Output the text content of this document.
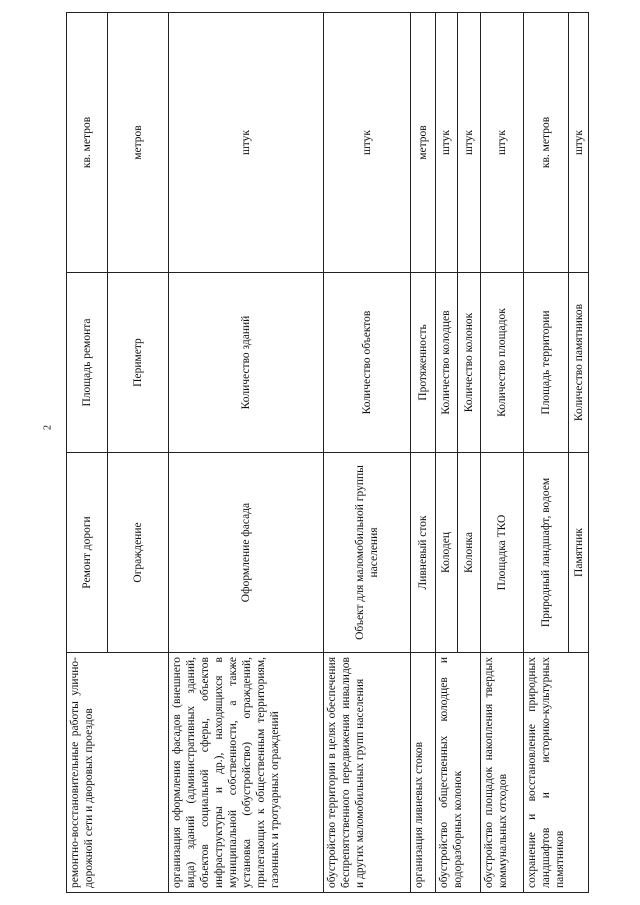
2
ремонтно-восстановительные работы улично-дорожной сети и дворовых проездов	Ремонт дороги	Площадь ремонта	кв. метров
	Ограждение	Периметр	метров
организация оформления фасадов (внешнего вида) зданий (административных зданий, объектов социальной сферы, объектов инфраструктуры и др.), находящихся в муниципальной собственности, а также установка (обустройство) ограждений, прилегающих к общественным территориям, газонных и тротуарных ограждений	Оформление фасада	Количество зданий	штук
обустройство территории в целях обеспечения беспрепятственного передвижения инвалидов и других маломобильных групп населения	Объект для маломобильной группы населения	Количество объектов	штук
организация ливневых стоков	Ливневый сток	Протяженность	метров
обустройство общественных колодцев и водоразборных колонок	Колодец	Количество колодцев	штук
	Колонка	Количество колонок	штук
обустройство площадок накопления твердых коммунальных отходов	Площадка ТКО	Количество площадок	штук
сохранение и восстановление природных ландшафтов и историко-культурных памятников	Природный ландшафт, водоем	Площадь территории	кв. метров
	Памятник	Количество памятников	штук
